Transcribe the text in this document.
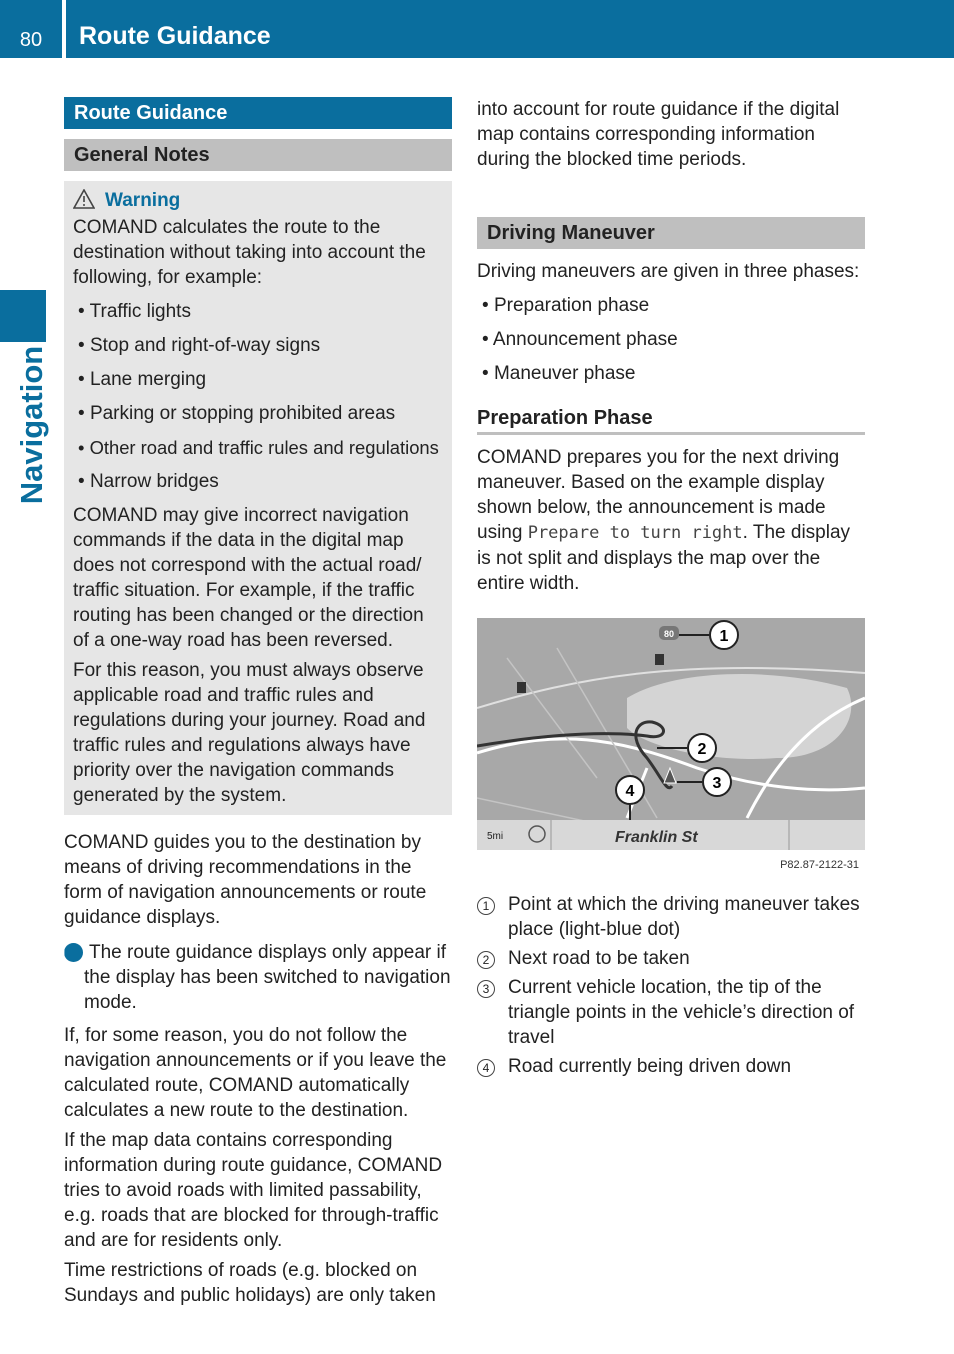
80	Route Guidance
Navigation
Route Guidance
General Notes
Warning
COMAND calculates the route to the destination without taking into account the following, for example:
• Traffic lights
• Stop and right-of-way signs
• Lane merging
• Parking or stopping prohibited areas
• Other road and traffic rules and regulations
• Narrow bridges
COMAND may give incorrect navigation commands if the data in the digital map does not correspond with the actual road/ traffic situation. For example, if the traffic routing has been changed or the direction of a one-way road has been reversed.
For this reason, you must always observe applicable road and traffic rules and regulations during your journey. Road and traffic rules and regulations always have priority over the navigation commands generated by the system.
COMAND guides you to the destination by means of driving recommendations in the form of navigation announcements or route guidance displays.
i The route guidance displays only appear if the display has been switched to navigation mode.
If, for some reason, you do not follow the navigation announcements or if you leave the calculated route, COMAND automatically calculates a new route to the destination.
If the map data contains corresponding information during route guidance, COMAND tries to avoid roads with limited passability, e.g. roads that are blocked for through-traffic and are for residents only.
Time restrictions of roads (e.g. blocked on Sundays and public holidays) are only taken
into account for route guidance if the digital map contains corresponding information during the blocked time periods.
Driving Maneuver
Driving maneuvers are given in three phases:
• Preparation phase
• Announcement phase
• Maneuver phase
Preparation Phase
COMAND prepares you for the next driving maneuver. Based on the example display shown below, the announcement is made using Prepare to turn right. The display is not split and displays the map over the entire width.
80	1
2
3
4
5mi	Franklin St
P82.87-2122-31
1 Point at which the driving maneuver takes place (light-blue dot)
2 Next road to be taken
3 Current vehicle location, the tip of the triangle points in the vehicle’s direction of travel
4 Road currently being driven down
